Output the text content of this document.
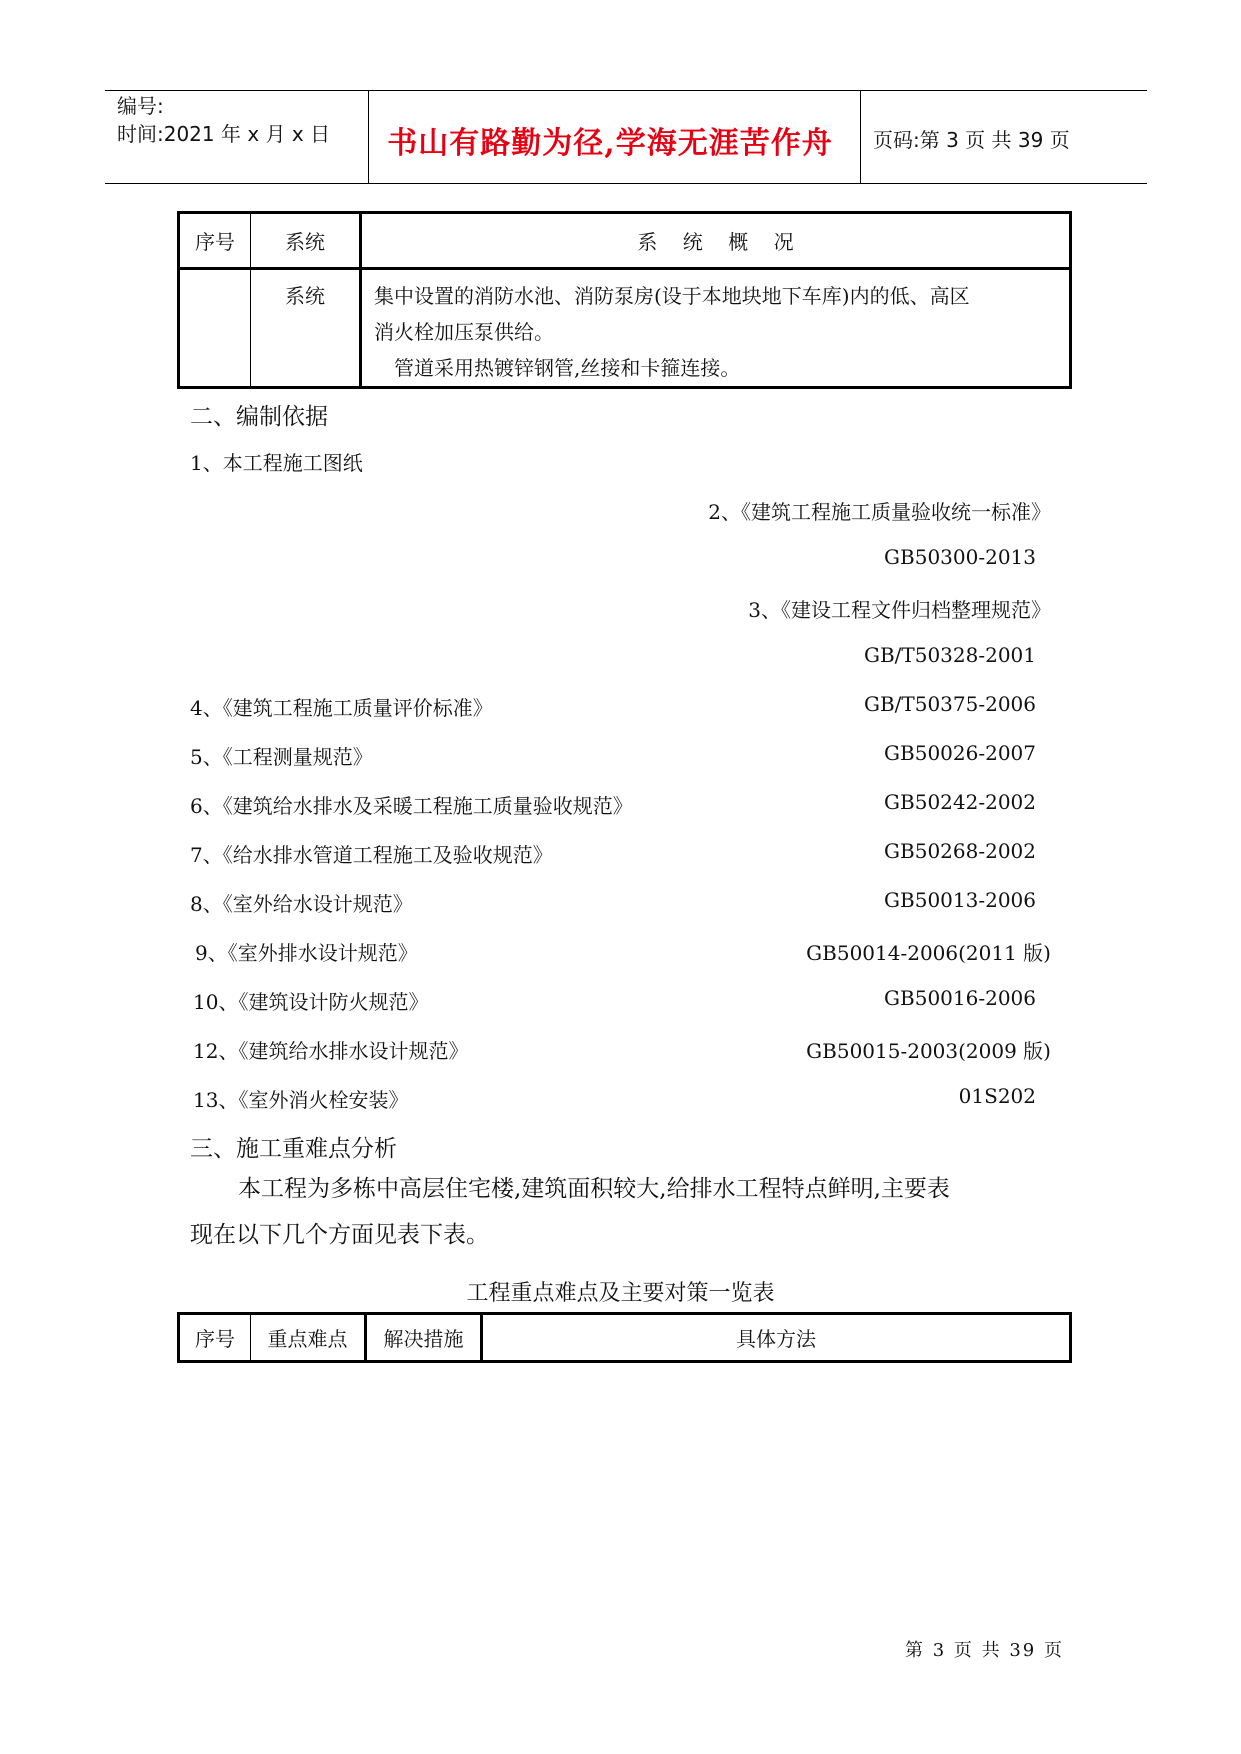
编号:
时间:2021 年 x 月 x 日	书山有路勤为径,学海无涯苦作舟	页码:第 3 页 共 39 页
序号	系统	系    统    概    况
	系统	集中设置的消防水池、消防泵房(设于本地块地下车库)内的低、高区
消火栓加压泵供给。
管道采用热镀锌钢管,丝接和卡箍连接。
二、编制依据
1、本工程施工图纸
2、《建筑工程施工质量验收统一标准》
GB50300-2013
3、《建设工程文件归档整理规范》
GB/T50328-2001
4、《建筑工程施工质量评价标准》	GB/T50375-2006
5、《工程测量规范》	GB50026-2007
6、《建筑给水排水及采暖工程施工质量验收规范》	GB50242-2002
7、《给水排水管道工程施工及验收规范》	GB50268-2002
8、《室外给水设计规范》	GB50013-2006
9、《室外排水设计规范》	GB50014-2006(2011 版)
10、《建筑设计防火规范》	GB50016-2006
12、《建筑给水排水设计规范》	GB50015-2003(2009 版)
13、《室外消火栓安装》	01S202
三、施工重难点分析
本工程为多栋中高层住宅楼,建筑面积较大,给排水工程特点鲜明,主要表
现在以下几个方面见表下表。
工程重点难点及主要对策一览表
序号	重点难点	解决措施	具体方法
第 3 页 共 39 页
